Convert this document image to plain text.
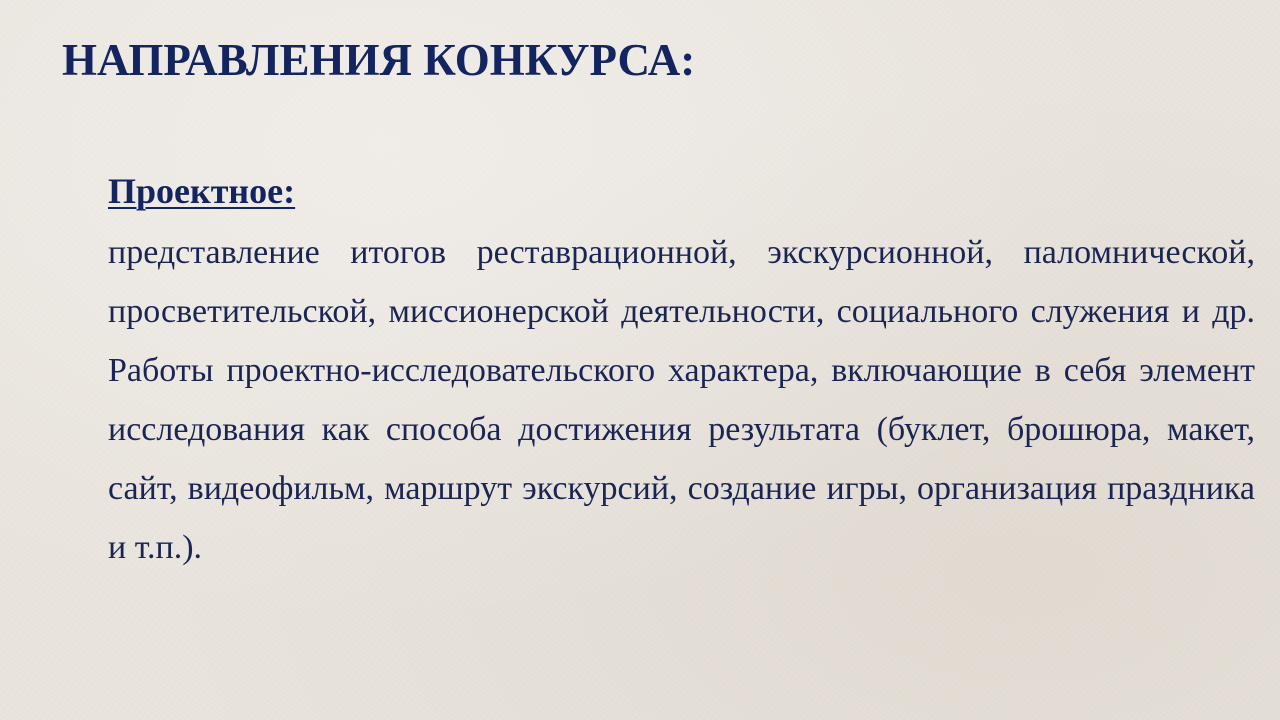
НАПРАВЛЕНИЯ КОНКУРСА:
Проектное:

представление итогов реставрационной, экскурсионной, паломнической, просветительской, миссионерской деятельности, социального служения и др. Работы проектно-исследовательского характера, включающие в себя элемент исследования как способа достижения результата (буклет, брошюра, макет, сайт, видеофильм, маршрут экскурсий, создание игры, организация праздника и т.п.).
